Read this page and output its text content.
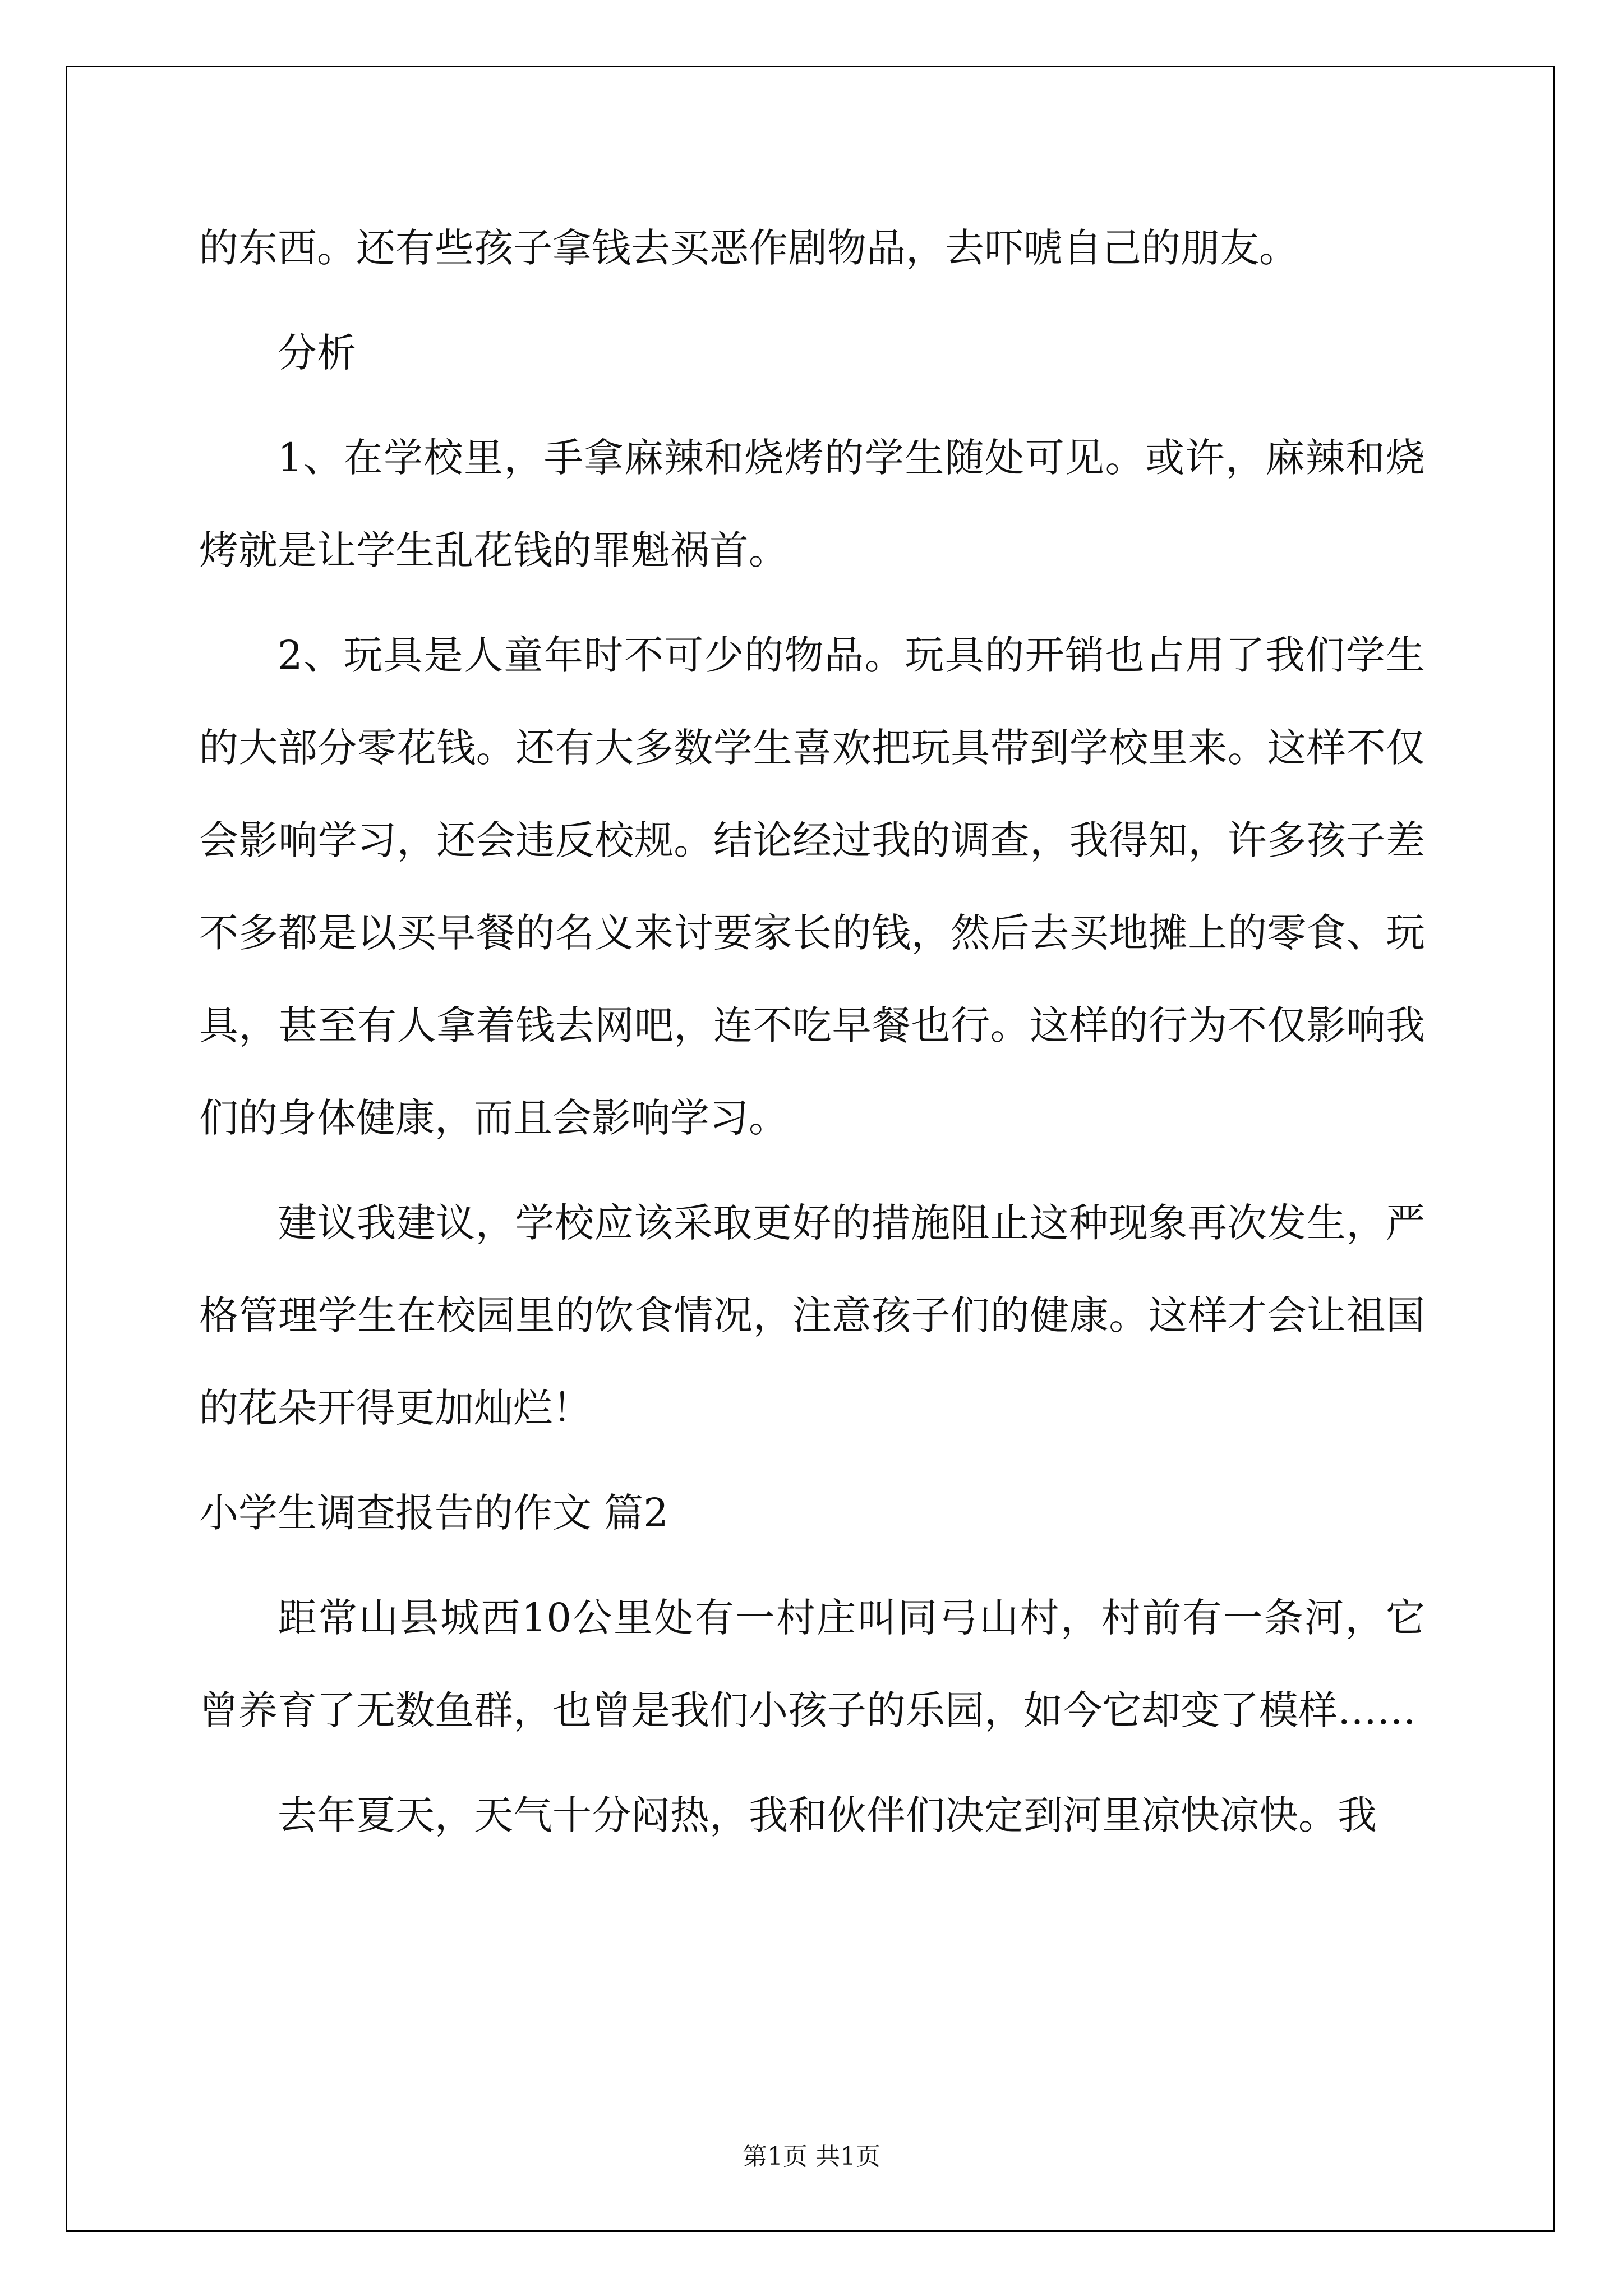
的东西。还有些孩子拿钱去买恶作剧物品，去吓唬自己的朋友。

分析

1、在学校里，手拿麻辣和烧烤的学生随处可见。或许，麻辣和烧烤就是让学生乱花钱的罪魁祸首。

2、玩具是人童年时不可少的物品。玩具的开销也占用了我们学生的大部分零花钱。还有大多数学生喜欢把玩具带到学校里来。这样不仅会影响学习，还会违反校规。结论经过我的调查，我得知，许多孩子差不多都是以买早餐的名义来讨要家长的钱，然后去买地摊上的零食、玩具，甚至有人拿着钱去网吧，连不吃早餐也行。这样的行为不仅影响我们的身体健康，而且会影响学习。

建议我建议，学校应该采取更好的措施阻止这种现象再次发生，严格管理学生在校园里的饮食情况，注意孩子们的健康。这样才会让祖国的花朵开得更加灿烂！

小学生调查报告的作文 篇2

距常山县城西10公里处有一村庄叫同弓山村，村前有一条河，它曾养育了无数鱼群，也曾是我们小孩子的乐园，如今它却变了模样……

去年夏天，天气十分闷热，我和伙伴们决定到河里凉快凉快。我

第1页 共1页
